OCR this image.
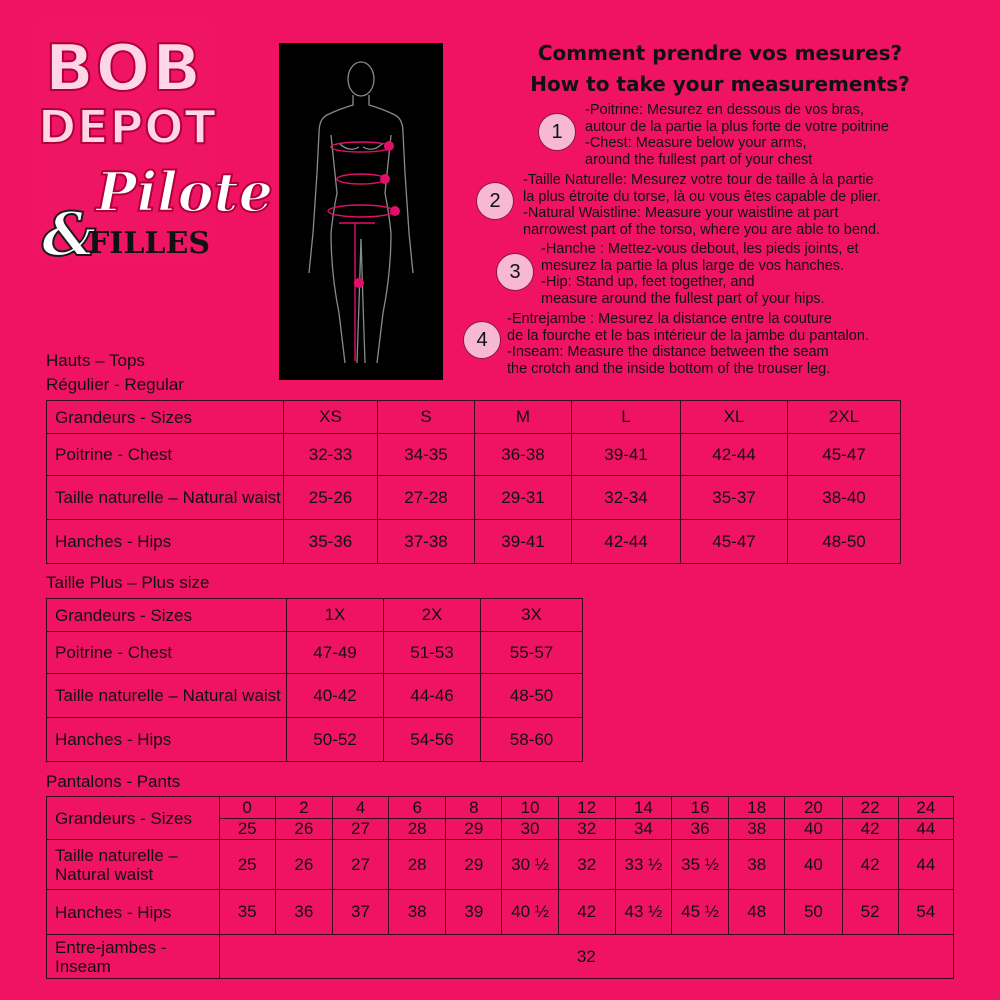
BOB
DEPOT
Pilote
&
FILLES
Comment prendre vos mesures?
How to take your measurements?
1
-Poitrine: Mesurez en dessous de vos bras,
autour de la partie la plus forte de votre poitrine
-Chest: Measure below your arms,
around the fullest part of your chest
2
-Taille Naturelle: Mesurez votre tour de taille à la partie
la plus étroite du torse, là ou vous êtes capable de plier.
-Natural Waistline: Measure your waistline at part
narrowest part of the torso, where you are able to bend.
3
-Hanche : Mettez-vous debout, les pieds joints, et
mesurez la partie la plus large de vos hanches.
-Hip: Stand up, feet together, and
measure around the fullest part of your hips.
4
-Entrejambe : Mesurez la distance entre la couture
de la fourche et le bas intérieur de la jambe du pantalon.
-Inseam: Measure the distance between the seam
the crotch and the inside bottom of the trouser leg.
Hauts – Tops
Régulier - Regular
Grandeurs - Sizes	XS	S	M	L	XL	2XL
Poitrine - Chest	32-33	34-35	36-38	39-41	42-44	45-47
Taille naturelle – Natural waist	25-26	27-28	29-31	32-34	35-37	38-40
Hanches - Hips	35-36	37-38	39-41	42-44	45-47	48-50
Taille Plus – Plus size
Grandeurs - Sizes	1X	2X	3X
Poitrine - Chest	47-49	51-53	55-57
Taille naturelle – Natural waist	40-42	44-46	48-50
Hanches - Hips	50-52	54-56	58-60
Pantalons - Pants
Grandeurs - Sizes	0	2	4	6	8	10	12	14	16	18	20	22	24
	25	26	27	28	29	30	32	34	36	38	40	42	44
Taille naturelle – Natural waist	25	26	27	28	29	30 ½	32	33 ½	35 ½	38	40	42	44
Hanches - Hips	35	36	37	38	39	40 ½	42	43 ½	45 ½	48	50	52	54
Entre-jambes - Inseam	32												
